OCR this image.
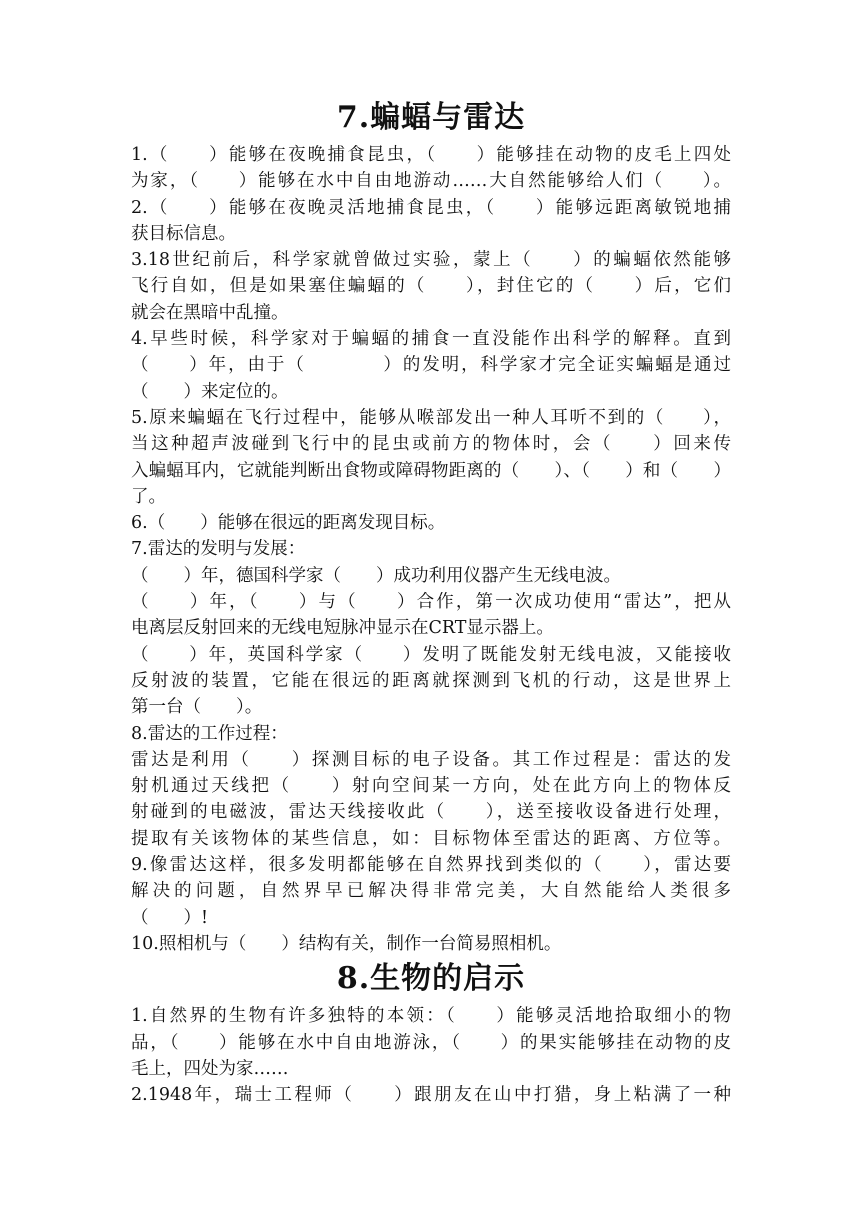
7.蝙蝠与雷达
1.（　　）能够在夜晚捕食昆虫，（　　）能够挂在动物的皮毛上四处
为家，（　　）能够在水中自由地游动……大自然能够给人们（　　）。
2.（　　）能够在夜晚灵活地捕食昆虫，（　　）能够远距离敏锐地捕
获目标信息。
3.18世纪前后，科学家就曾做过实验，蒙上（　　）的蝙蝠依然能够
飞行自如，但是如果塞住蝙蝠的（　　），封住它的（　　）后，它们
就会在黑暗中乱撞。
4.早些时候，科学家对于蝙蝠的捕食一直没能作出科学的解释。直到
（　　）年，由于（　　　　）的发明，科学家才完全证实蝙蝠是通过
（　　）来定位的。
5.原来蝙蝠在飞行过程中，能够从喉部发出一种人耳听不到的（　　），
当这种超声波碰到飞行中的昆虫或前方的物体时，会（　　）回来传
入蝙蝠耳内，它就能判断出食物或障碍物距离的（　　）、（　　）和（　　）
了。
6.（　　）能够在很远的距离发现目标。
7.雷达的发明与发展：
（　　）年，德国科学家（　　）成功利用仪器产生无线电波。
（　　）年，（　　）与（　　）合作，第一次成功使用“雷达”，把从
电离层反射回来的无线电短脉冲显示在CRT显示器上。
（　　）年，英国科学家（　　）发明了既能发射无线电波，又能接收
反射波的装置，它能在很远的距离就探测到飞机的行动，这是世界上
第一台（　　）。
8.雷达的工作过程：
雷达是利用（　　）探测目标的电子设备。其工作过程是：雷达的发
射机通过天线把（　　）射向空间某一方向，处在此方向上的物体反
射碰到的电磁波，雷达天线接收此（　　），送至接收设备进行处理，
提取有关该物体的某些信息，如：目标物体至雷达的距离、方位等。
9.像雷达这样，很多发明都能够在自然界找到类似的（　　），雷达要
解决的问题，自然界早已解决得非常完美，大自然能给人类很多
（　　）!
10.照相机与（　　）结构有关，制作一台简易照相机。
8.生物的启示
1.自然界的生物有许多独特的本领：（　　）能够灵活地拾取细小的物
品，（　　）能够在水中自由地游泳，（　　）的果实能够挂在动物的皮
毛上，四处为家……
2.1948年，瑞士工程师（　　）跟朋友在山中打猎，身上粘满了一种
